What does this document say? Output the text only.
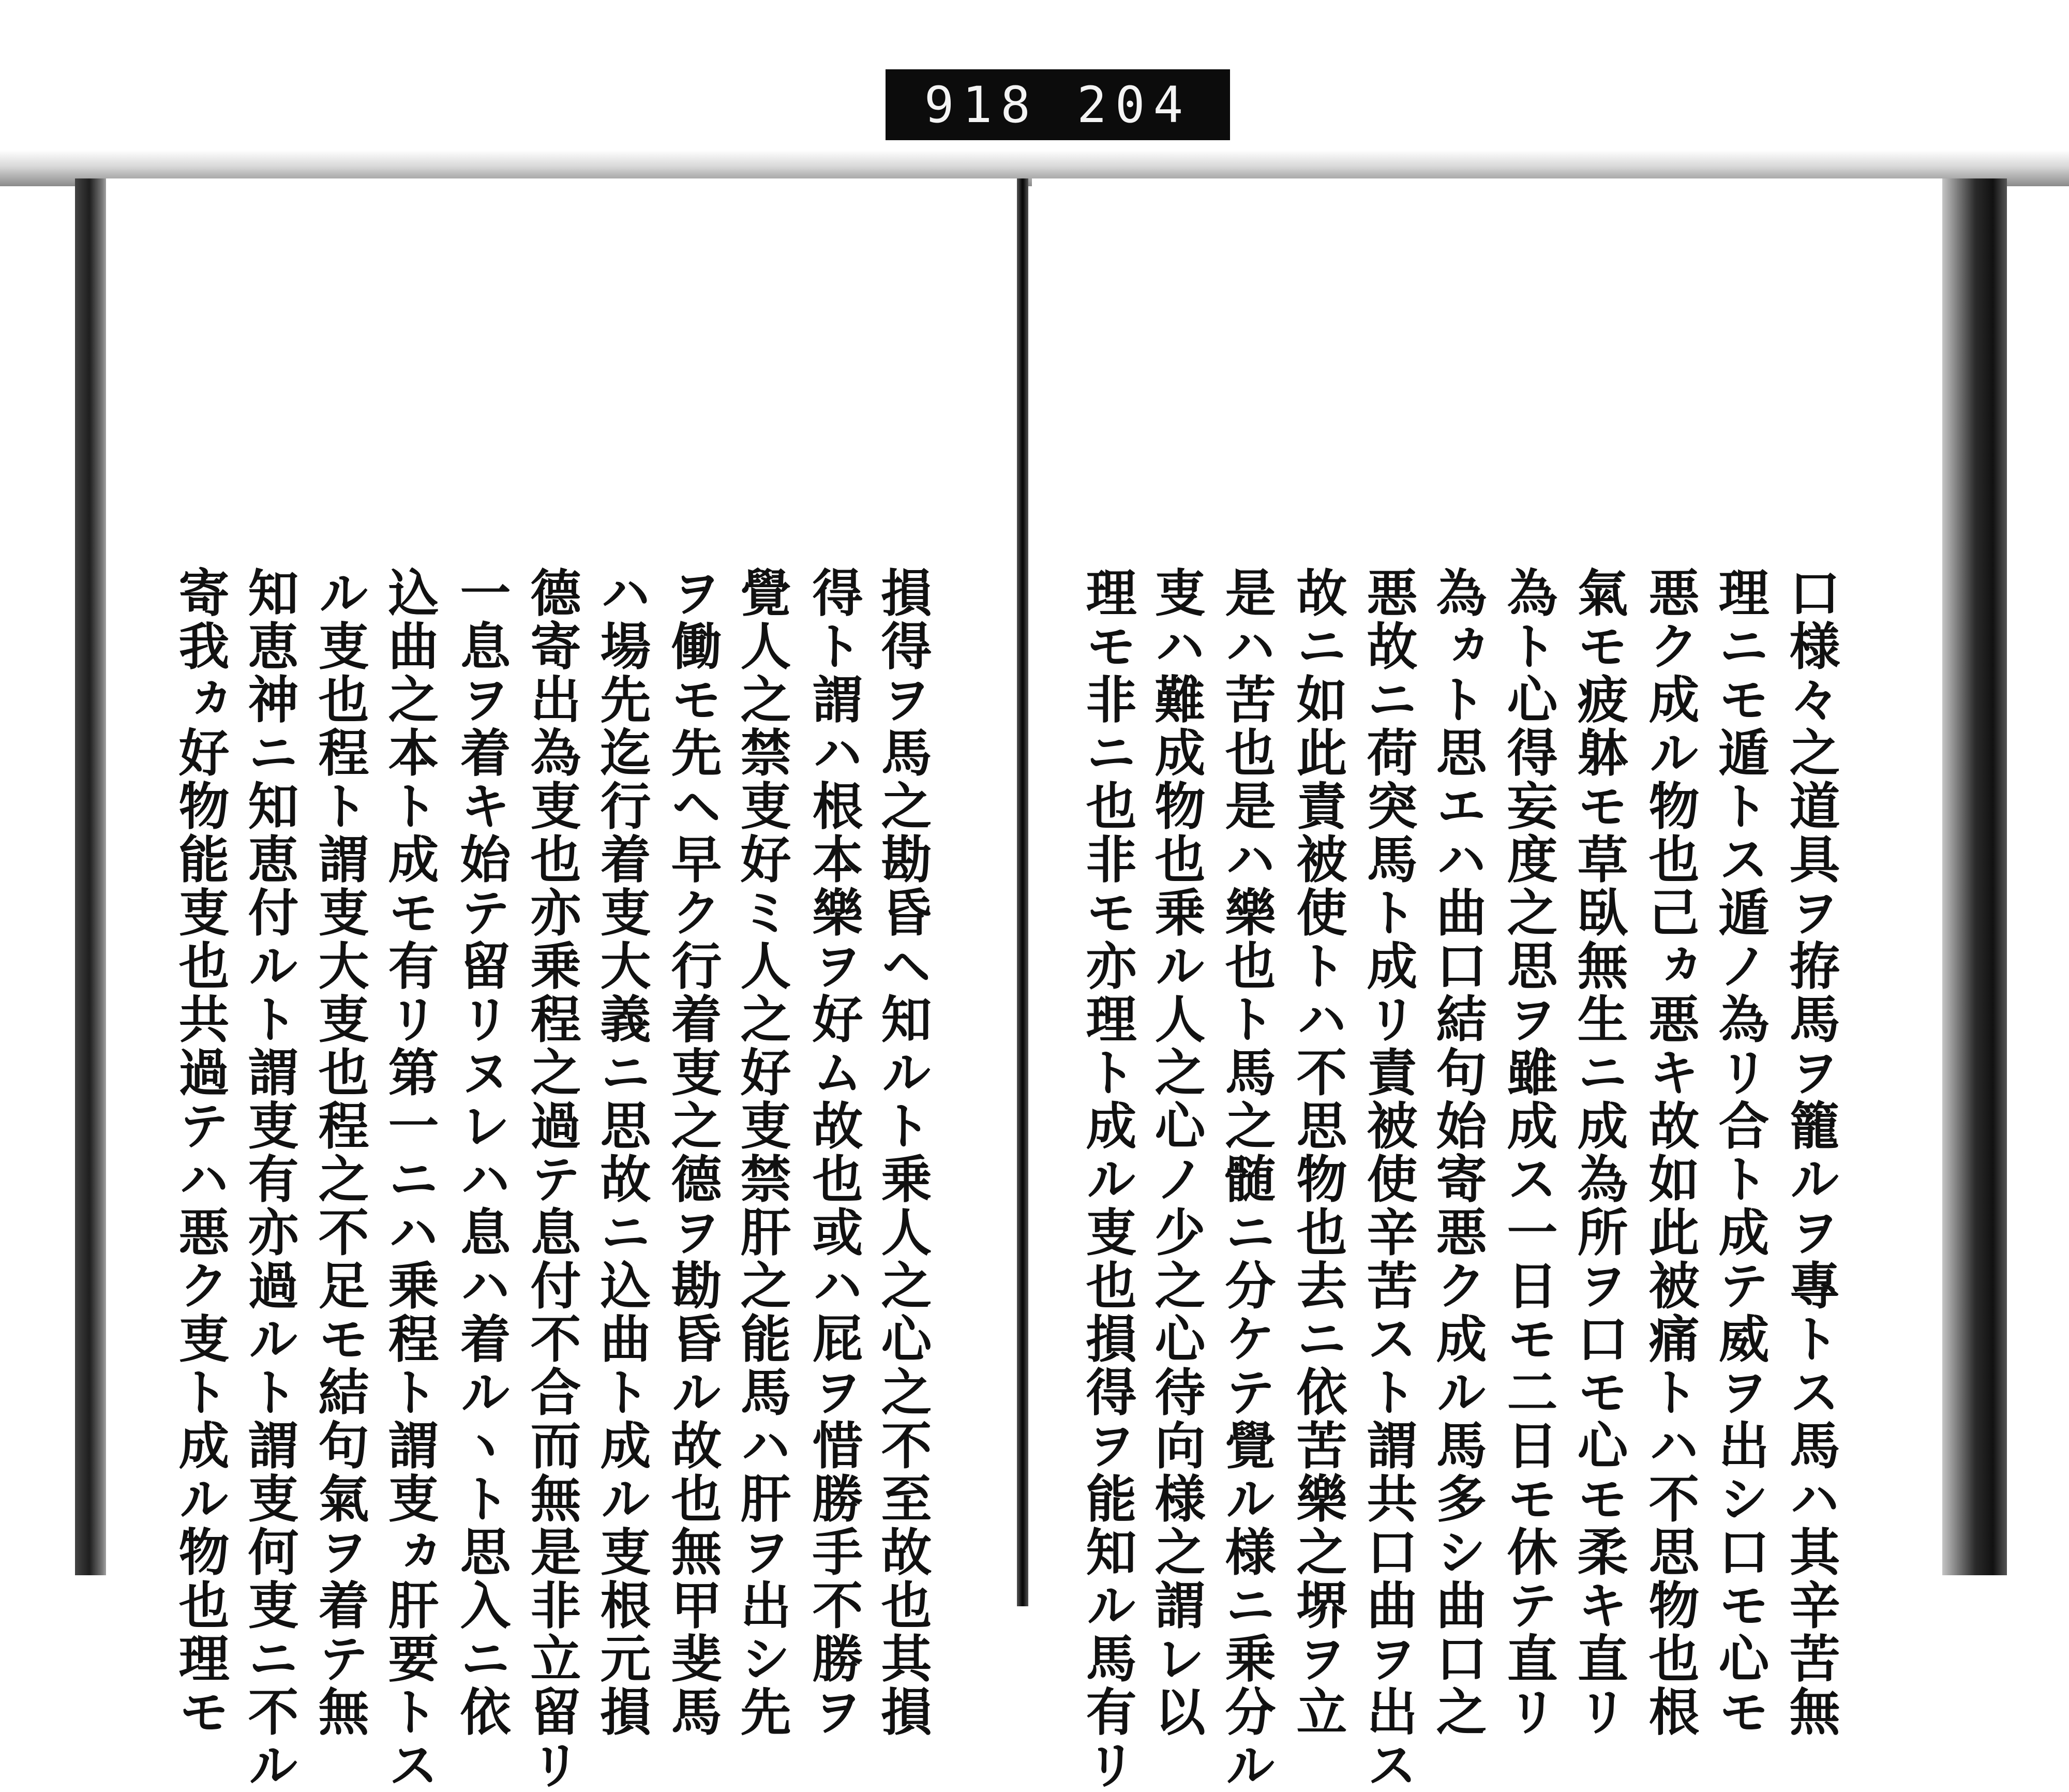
918 204
寄我ヵ好物能叓也共過テハ悪ク叓ト成ル物也理モ 知恵神ニ知恵付ルト謂叓有亦過ルト謂叓何叓ニ不ル ル叓也程ト謂叓大叓也程之不足モ結句氣ヲ着テ無 込曲之本ト成モ有リ第一ニハ乗程ト謂叓ヵ肝要トス 一息ヲ着キ始テ留リヌレハ息ハ着ルヽト思入ニ依 德寄出為叓也亦乗程之過テ息付不合而無是非立留リ ハ場先迄行着叓大義ニ思故ニ込曲ト成ル叓根元損 ヲ働モ先ヘ早ク行着叓之德ヲ勘昏ル故也無甲斐馬 覺人之禁叓好ミ人之好叓禁肝之能馬ハ肝ヲ出シ先 得ト謂ハ根本樂ヲ好ム故也或ハ屁ヲ惜勝手不勝ヲ 損得ヲ馬之勘昏ヘ知ルト乗人之心之不至故也其損	理モ非ニ也非モ亦理ト成ル叓也損得ヲ能知ル馬有リ 叓ハ難成物也乗ル人之心ノ少之心待向様之謂レ以 是ハ苦也是ハ樂也ト馬之髄ニ分ケテ覺ル様ニ乗分ル 故ニ如此責被使トハ不思物也去ニ依苦樂之堺ヲ立 悪故ニ荷突馬ト成リ責被使辛苦スト謂共口曲ヲ出ス 為ヵト思エハ曲口結句始寄悪ク成ル馬多シ曲口之 為ト心得妄度之思ヲ雖成ス一日モ二日モ休テ直リ 氣モ疲躰モ草臥無生ニ成為所ヲ口モ心モ柔キ直リ 悪ク成ル物也己ヵ悪キ故如此被痛トハ不思物也根 理ニモ遁トス遁ノ為リ合ト成テ威ヲ出シ口モ心モ 口様々之道具ヲ拵馬ヲ籠ルヲ專トス馬ハ其辛苦無
